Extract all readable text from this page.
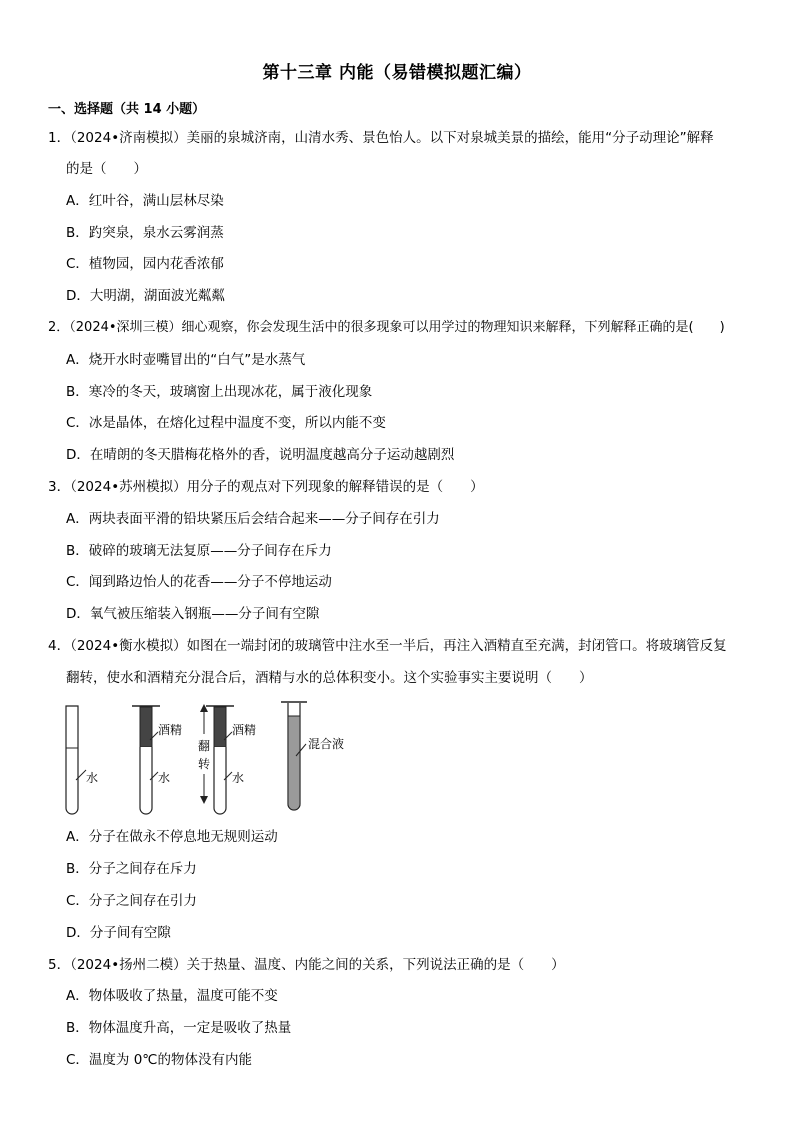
第十三章 内能（易错模拟题汇编）
一、选择题（共 14 小题）
1．（2024•济南模拟）美丽的泉城济南，山清水秀、景色怡人。以下对泉城美景的描绘，能用“分子动理论”解释
的是（　　）
A．红叶谷，满山层林尽染
B．趵突泉，泉水云雾润蒸
C．植物园，园内花香浓郁
D．大明湖，湖面波光粼粼
2．（2024•深圳三模）细心观察，你会发现生活中的很多现象可以用学过的物理知识来解释，下列解释正确的是(　　)
A．烧开水时壶嘴冒出的“白气”是水蒸气
B．寒冷的冬天，玻璃窗上出现冰花，属于液化现象
C．冰是晶体，在熔化过程中温度不变，所以内能不变
D．在晴朗的冬天腊梅花格外的香，说明温度越高分子运动越剧烈
3．（2024•苏州模拟）用分子的观点对下列现象的解释错误的是（　　）
A．两块表面平滑的铅块紧压后会结合起来——分子间存在引力
B．破碎的玻璃无法复原——分子间存在斥力
C．闻到路边怡人的花香——分子不停地运动
D．氧气被压缩装入钢瓶——分子间有空隙
4．（2024•衡水模拟）如图在一端封闭的玻璃管中注水至一半后，再注入酒精直至充满，封闭管口。将玻璃管反复
翻转，使水和酒精充分混合后，酒精与水的总体积变小。这个实验事实主要说明（　　）
水
酒精
水
翻
转
酒精
水
混合液
A．分子在做永不停息地无规则运动
B．分子之间存在斥力
C．分子之间存在引力
D．分子间有空隙
5．（2024•扬州二模）关于热量、温度、内能之间的关系，下列说法正确的是（　　）
A．物体吸收了热量，温度可能不变
B．物体温度升高，一定是吸收了热量
C．温度为 0℃的物体没有内能
